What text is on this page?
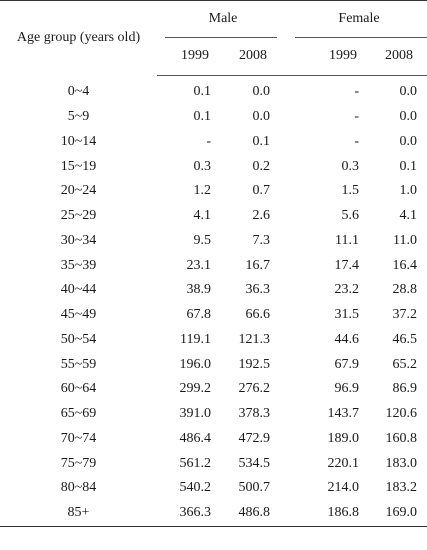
Age group (years old)	Male			Female	

	1999	2008		1999	2008
0~4	0.1	0.0		-	0.0
5~9	0.1	0.0		-	0.0
10~14	-	0.1		-	0.0
15~19	0.3	0.2		0.3	0.1
20~24	1.2	0.7		1.5	1.0
25~29	4.1	2.6		5.6	4.1
30~34	9.5	7.3		11.1	11.0
35~39	23.1	16.7		17.4	16.4
40~44	38.9	36.3		23.2	28.8
45~49	67.8	66.6		31.5	37.2
50~54	119.1	121.3		44.6	46.5
55~59	196.0	192.5		67.9	65.2
60~64	299.2	276.2		96.9	86.9
65~69	391.0	378.3		143.7	120.6
70~74	486.4	472.9		189.0	160.8
75~79	561.2	534.5		220.1	183.0
80~84	540.2	500.7		214.0	183.2
85+	366.3	486.8		186.8	169.0
